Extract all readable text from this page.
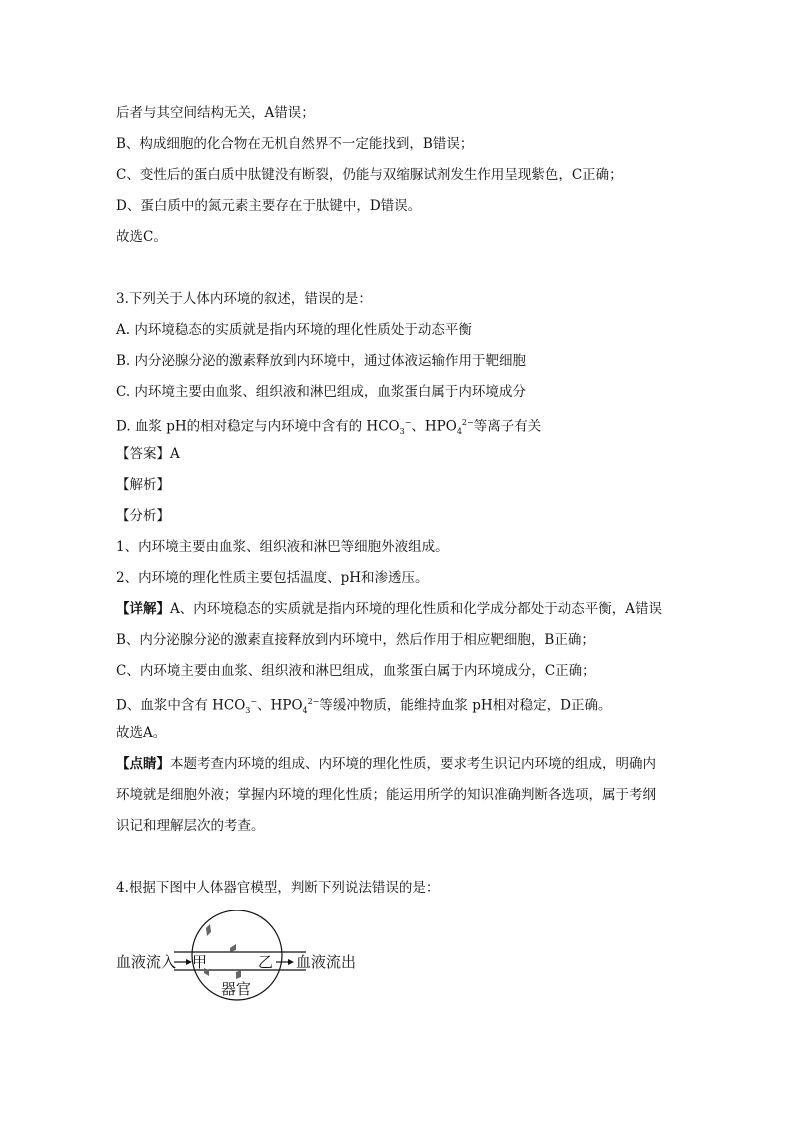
后者与其空间结构无关，A错误；
B、构成细胞的化合物在无机自然界不一定能找到，B错误；
C、变性后的蛋白质中肽键没有断裂，仍能与双缩脲试剂发生作用呈现紫色，C正确；
D、蛋白质中的氮元素主要存在于肽键中，D错误。
故选C。
3.下列关于人体内环境的叙述，错误的是：
A. 内环境稳态的实质就是指内环境的理化性质处于动态平衡
B. 内分泌腺分泌的激素释放到内环境中，通过体液运输作用于靶细胞
C. 内环境主要由血浆、组织液和淋巴组成，血浆蛋白属于内环境成分
D. 血浆 pH的相对稳定与内环境中含有的 $HCO_3^-$、$HPO_4^{2-}$等离子有关
【答案】A
【解析】
【分析】
1、内环境主要由血浆、组织液和淋巴等细胞外液组成。
2、内环境的理化性质主要包括温度、pH和渗透压。
【详解】A、内环境稳态的实质就是指内环境的理化性质和化学成分都处于动态平衡，A错误
B、内分泌腺分泌的激素直接释放到内环境中，然后作用于相应靶细胞，B正确；
C、内环境主要由血浆、组织液和淋巴组成，血浆蛋白属于内环境成分，C正确；
D、血浆中含有 $HCO_3^-$、$HPO_4^{2-}$等缓冲物质，能维持血浆 pH相对稳定，D正确。
故选A。
【点睛】本题考查内环境的组成、内环境的理化性质，要求考生识记内环境的组成，明确内
环境就是细胞外液；掌握内环境的理化性质；能运用所学的知识准确判断各选项，属于考纲
识记和理解层次的考查。
4.根据下图中人体器官模型，判断下列说法错误的是：
血液流入 甲	乙 血液流出
器官
